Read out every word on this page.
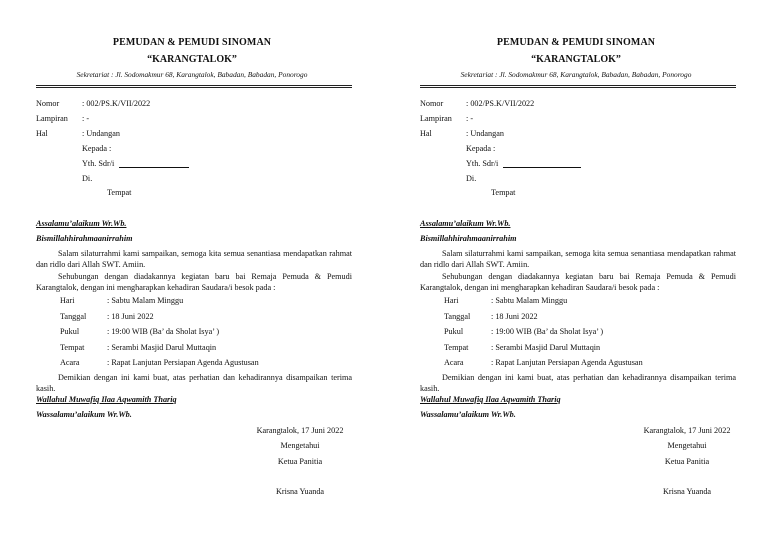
PEMUDAN & PEMUDI SINOMAN
“KARANGTALOK”
Sekretariat : Jl. Sodomakmur 68, Karangtalok, Babadan, Babadan, Ponorogo
Nomor	: 002/PS.K/VII/2022
Lampiran : -
Hal	: Undangan
Kepada :
Yth. Sdr/i
Di.
Tempat
Assalamu’alaikum Wr.Wb.
Bismillahhirahmaanirrahim
Salam silaturrahmi kami sampaikan, semoga kita semua senantiasa mendapatkan rahmat dan ridlo dari Allah SWT. Amiin.
Sehubungan dengan diadakannya kegiatan baru bai Remaja Pemuda & Pemudi Karangtalok, dengan ini mengharapkan kehadiran Saudara/i besok pada :
Hari	: Sabtu Malam Minggu
Tanggal	: 18 Juni 2022
Pukul	: 19:00 WIB (Ba’ da Sholat Isya’ )
Tempat	: Serambi Masjid Darul Muttaqin
Acara	: Rapat Lanjutan Persiapan Agenda Agustusan
Demikian dengan ini kami buat, atas perhatian dan kehadirannya disampaikan terima kasih.
Wallahul Muwafiq Ilaa Aqwamith Thariq
Wassalamu’alaikum Wr.Wb.
Karangtalok, 17 Juni 2022
Mengetahui
Ketua Panitia
Krisna Yuanda
PEMUDAN & PEMUDI SINOMAN
“KARANGTALOK”
Sekretariat : Jl. Sodomakmur 68, Karangtalok, Babadan, Babadan, Ponorogo
Nomor	: 002/PS.K/VII/2022
Lampiran : -
Hal	: Undangan
Kepada :
Yth. Sdr/i
Di.
Tempat
Assalamu’alaikum Wr.Wb.
Bismillahhirahmaanirrahim
Salam silaturrahmi kami sampaikan, semoga kita semua senantiasa mendapatkan rahmat dan ridlo dari Allah SWT. Amiin.
Sehubungan dengan diadakannya kegiatan baru bai Remaja Pemuda & Pemudi Karangtalok, dengan ini mengharapkan kehadiran Saudara/i besok pada :
Hari	: Sabtu Malam Minggu
Tanggal	: 18 Juni 2022
Pukul	: 19:00 WIB (Ba’ da Sholat Isya’ )
Tempat	: Serambi Masjid Darul Muttaqin
Acara	: Rapat Lanjutan Persiapan Agenda Agustusan
Demikian dengan ini kami buat, atas perhatian dan kehadirannya disampaikan terima kasih.
Wallahul Muwafiq Ilaa Aqwamith Thariq
Wassalamu’alaikum Wr.Wb.
Karangtalok, 17 Juni 2022
Mengetahui
Ketua Panitia
Krisna Yuanda
